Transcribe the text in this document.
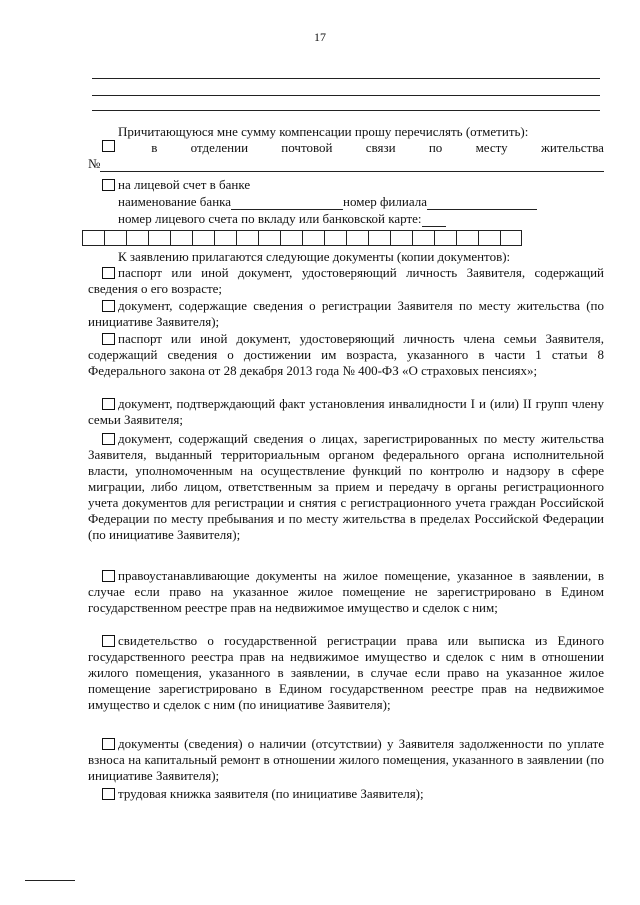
17
Причитающуюся мне сумму компенсации прошу перечислять (отметить):
в	отделении	почтовой	связи	по	месту	жительства
№
на лицевой счет в банке
наименование банка	номер филиала
номер лицевого счета по вкладу или банковской карте:
К заявлению прилагаются следующие документы (копии документов):
паспорт или иной документ, удостоверяющий личность Заявителя, содержащий сведения о его возрасте;
документ, содержащие сведения о регистрации Заявителя по месту жительства (по инициативе Заявителя);
паспорт или иной документ, удостоверяющий личность члена семьи Заявителя, содержащий сведения о достижении им возраста, указанного в части 1 статьи 8 Федерального закона от 28 декабря 2013 года № 400-ФЗ «О страховых пенсиях»;
документ, подтверждающий факт установления инвалидности I и (или) II групп члену семьи Заявителя;
документ, содержащий сведения о лицах, зарегистрированных по месту жительства Заявителя, выданный территориальным органом федерального органа исполнительной власти, уполномоченным на осуществление функций по контролю и надзору в сфере миграции, либо лицом, ответственным за прием и передачу в органы регистрационного учета документов для регистрации и снятия с регистрационного учета граждан Российской Федерации по месту пребывания и по месту жительства в пределах Российской Федерации (по инициативе Заявителя);
правоустанавливающие документы на жилое помещение, указанное в заявлении, в случае если право на указанное жилое помещение не зарегистрировано в Едином государственном реестре прав на недвижимое имущество и сделок с ним;
свидетельство о государственной регистрации права или выписка из Единого государственного реестра прав на недвижимое имущество и сделок с ним в отношении жилого помещения, указанного в заявлении, в случае если право на указанное жилое помещение зарегистрировано в Едином государственном реестре прав на недвижимое имущество и сделок с ним (по инициативе Заявителя);
документы (сведения) о наличии (отсутствии) у Заявителя задолженности по уплате взноса на капитальный ремонт в отношении жилого помещения, указанного в заявлении (по инициативе Заявителя);
трудовая книжка заявителя (по инициативе Заявителя);
